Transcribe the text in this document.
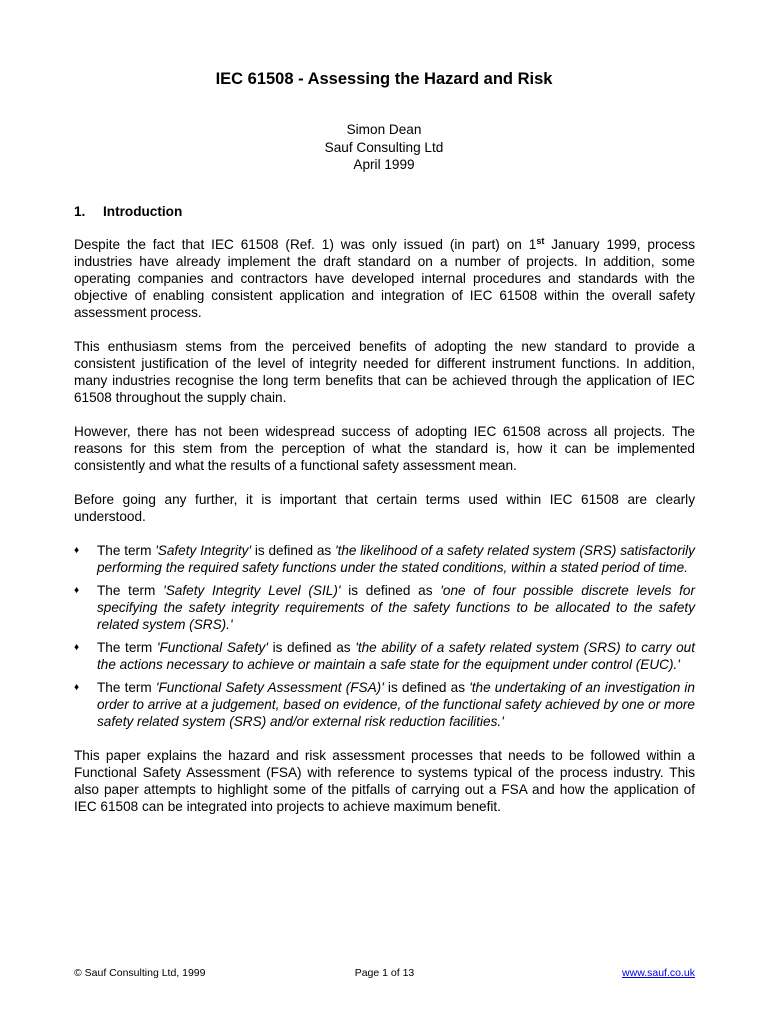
IEC 61508 - Assessing the Hazard and Risk
Simon Dean
Sauf Consulting Ltd
April 1999
1. Introduction

Despite the fact that IEC 61508 (Ref. 1) was only issued (in part) on 1st January 1999, process industries have already implement the draft standard on a number of projects. In addition, some operating companies and contractors have developed internal procedures and standards with the objective of enabling consistent application and integration of IEC 61508 within the overall safety assessment process.

This enthusiasm stems from the perceived benefits of adopting the new standard to provide a consistent justification of the level of integrity needed for different instrument functions. In addition, many industries recognise the long term benefits that can be achieved through the application of IEC 61508 throughout the supply chain.

However, there has not been widespread success of adopting IEC 61508 across all projects. The reasons for this stem from the perception of what the standard is, how it can be implemented consistently and what the results of a functional safety assessment mean.

Before going any further, it is important that certain terms used within IEC 61508 are clearly understood.

♦ The term 'Safety Integrity' is defined as 'the likelihood of a safety related system (SRS) satisfactorily performing the required safety functions under the stated conditions, within a stated period of time.
♦ The term 'Safety Integrity Level (SIL)' is defined as 'one of four possible discrete levels for specifying the safety integrity requirements of the safety functions to be allocated to the safety related system (SRS).'
♦ The term 'Functional Safety' is defined as 'the ability of a safety related system (SRS) to carry out the actions necessary to achieve or maintain a safe state for the equipment under control (EUC).'
♦ The term 'Functional Safety Assessment (FSA)' is defined as 'the undertaking of an investigation in order to arrive at a judgement, based on evidence, of the functional safety achieved by one or more safety related system (SRS) and/or external risk reduction facilities.'

This paper explains the hazard and risk assessment processes that needs to be followed within a Functional Safety Assessment (FSA) with reference to systems typical of the process industry. This also paper attempts to highlight some of the pitfalls of carrying out a FSA and how the application of IEC 61508 can be integrated into projects to achieve maximum benefit.

© Sauf Consulting Ltd, 1999	Page 1 of 13	www.sauf.co.uk
